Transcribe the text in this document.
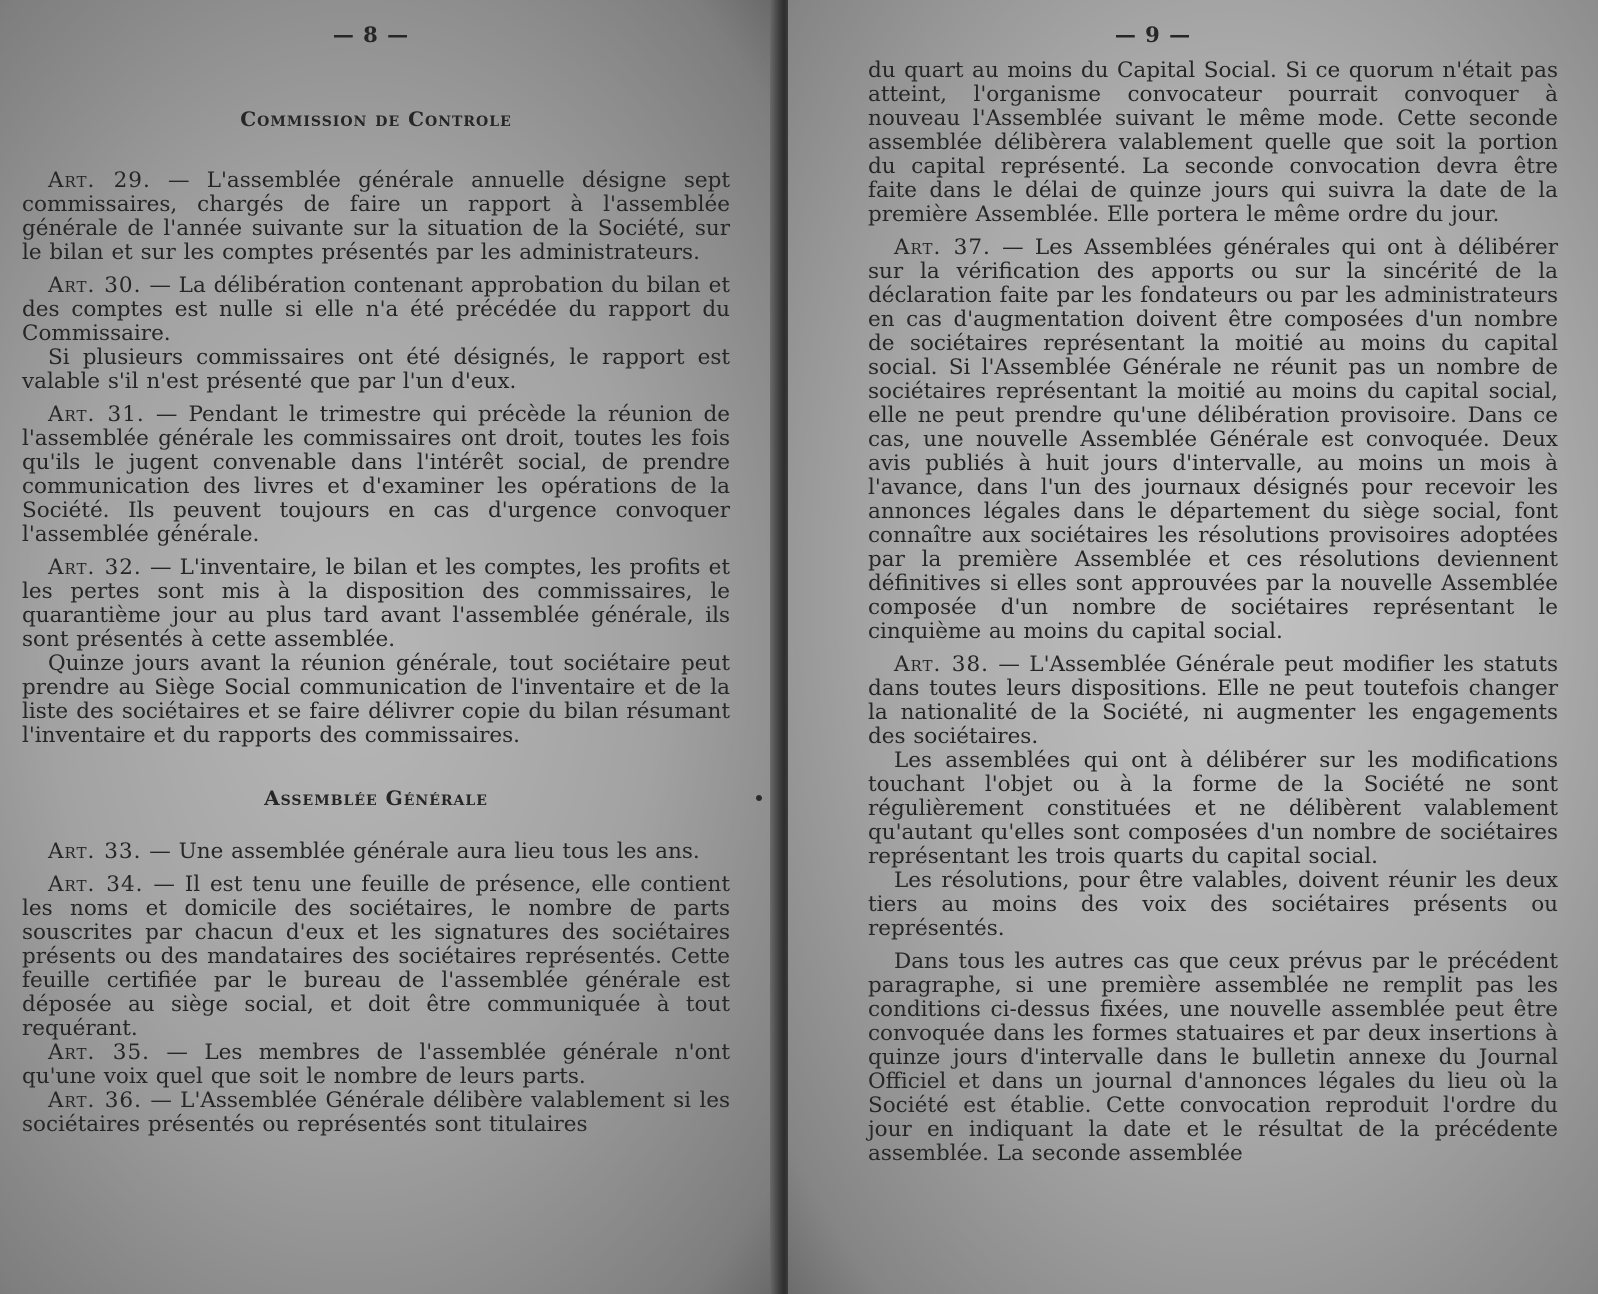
— 8 —
Commission de Controle

Art. 29. — L'assemblée générale annuelle désigne sept commissaires, chargés de faire un rapport à l'assemblée générale de l'année suivante sur la situation de la Société, sur le bilan et sur les comptes présentés par les administrateurs.

Art. 30. — La délibération contenant approbation du bilan et des comptes est nulle si elle n'a été précédée du rapport du Commissaire.

Si plusieurs commissaires ont été désignés, le rapport est valable s'il n'est présenté que par l'un d'eux.

Art. 31. — Pendant le trimestre qui précède la réunion de l'assemblée générale les commissaires ont droit, toutes les fois qu'ils le jugent convenable dans l'intérêt social, de prendre communication des livres et d'examiner les opérations de la Société. Ils peuvent toujours en cas d'urgence convoquer l'assemblée générale.

Art. 32. — L'inventaire, le bilan et les comptes, les profits et les pertes sont mis à la disposition des commissaires, le quarantième jour au plus tard avant l'assemblée générale, ils sont présentés à cette assemblée.

Quinze jours avant la réunion générale, tout sociétaire peut prendre au Siège Social communication de l'inventaire et de la liste des sociétaires et se faire délivrer copie du bilan résumant l'inventaire et du rapports des commissaires.

Assemblée Générale

Art. 33. — Une assemblée générale aura lieu tous les ans.

Art. 34. — Il est tenu une feuille de présence, elle contient les noms et domicile des sociétaires, le nombre de parts souscrites par chacun d'eux et les signatures des sociétaires présents ou des mandataires des sociétaires représentés. Cette feuille certifiée par le bureau de l'assemblée générale est déposée au siège social, et doit être communiquée à tout requérant.

Art. 35. — Les membres de l'assemblée générale n'ont qu'une voix quel que soit le nombre de leurs parts.

Art. 36. — L'Assemblée Générale délibère valablement si les sociétaires présentés ou représentés sont titulaires

— 9 —

du quart au moins du Capital Social. Si ce quorum n'était pas atteint, l'organisme convocateur pourrait convoquer à nouveau l'Assemblée suivant le même mode. Cette seconde assemblée délibèrera valablement quelle que soit la portion du capital représenté. La seconde convocation devra être faite dans le délai de quinze jours qui suivra la date de la première Assemblée. Elle portera le même ordre du jour.

Art. 37. — Les Assemblées générales qui ont à délibérer sur la vérification des apports ou sur la sincérité de la déclaration faite par les fondateurs ou par les administrateurs en cas d'augmentation doivent être composées d'un nombre de sociétaires représentant la moitié au moins du capital social. Si l'Assemblée Générale ne réunit pas un nombre de sociétaires représentant la moitié au moins du capital social, elle ne peut prendre qu'une délibération provisoire. Dans ce cas, une nouvelle Assemblée Générale est convoquée. Deux avis publiés à huit jours d'intervalle, au moins un mois à l'avance, dans l'un des journaux désignés pour recevoir les annonces légales dans le département du siège social, font connaître aux sociétaires les résolutions provisoires adoptées par la première Assemblée et ces résolutions deviennent définitives si elles sont approuvées par la nouvelle Assemblée composée d'un nombre de sociétaires représentant le cinquième au moins du capital social.

Art. 38. — L'Assemblée Générale peut modifier les statuts dans toutes leurs dispositions. Elle ne peut toutefois changer la nationalité de la Société, ni augmenter les engagements des sociétaires.

Les assemblées qui ont à délibérer sur les modifications touchant l'objet ou à la forme de la Société ne sont régulièrement constituées et ne délibèrent valablement qu'autant qu'elles sont composées d'un nombre de sociétaires représentant les trois quarts du capital social.

Les résolutions, pour être valables, doivent réunir les deux tiers au moins des voix des sociétaires présents ou représentés.

Dans tous les autres cas que ceux prévus par le précédent paragraphe, si une première assemblée ne remplit pas les conditions ci-dessus fixées, une nouvelle assemblée peut être convoquée dans les formes statuaires et par deux insertions à quinze jours d'intervalle dans le bulletin annexe du Journal Officiel et dans un journal d'annonces légales du lieu où la Société est établie. Cette convocation reproduit l'ordre du jour en indiquant la date et le résultat de la précédente assemblée. La seconde assemblée
